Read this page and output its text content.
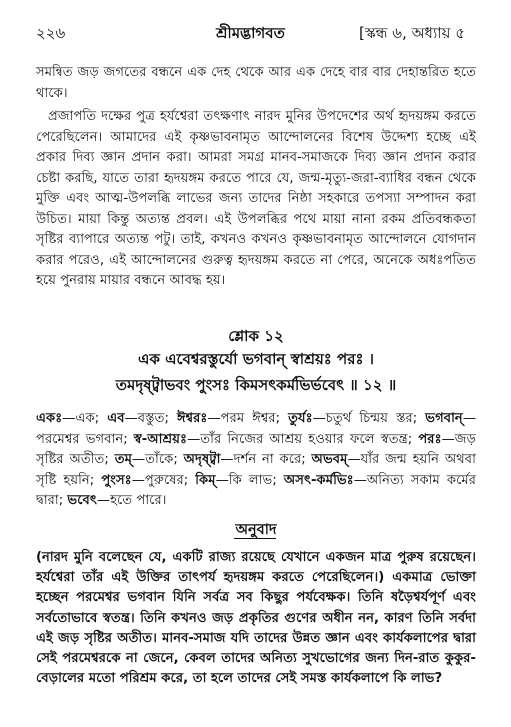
২২৬	শ্রীমদ্ভাগবত	[স্কন্ধ ৬, অধ্যায় ৫
সমন্বিত জড় জগতের বন্ধনে এক দেহ থেকে আর এক দেহে বার বার দেহান্তরিত হতে থাকে।
প্রজাপতি দক্ষের পুত্র হর্যশ্বেরা তৎক্ষণাৎ নারদ মুনির উপদেশের অর্থ হৃদয়ঙ্গম করতে পেরেছিলেন। আমাদের এই কৃষ্ণভাবনামৃত আন্দোলনের বিশেষ উদ্দেশ্য হচ্ছে এই প্রকার দিব্য জ্ঞান প্রদান করা। আমরা সমগ্র মানব-সমাজকে দিব্য জ্ঞান প্রদান করার চেষ্টা করছি, যাতে তারা হৃদয়ঙ্গম করতে পারে যে, জন্ম-মৃত্যু-জরা-ব্যাধির বন্ধন থেকে মুক্তি এবং আত্ম-উপলব্ধি লাভের জন্য তাদের নিষ্ঠা সহকারে তপস্যা সম্পাদন করা উচিত। মায়া কিন্তু অত্যন্ত প্রবল। এই উপলব্ধির পথে মায়া নানা রকম প্রতিবন্ধকতা সৃষ্টির ব্যাপারে অত্যন্ত পটু। তাই, কখনও কখনও কৃষ্ণভাবনামৃত আন্দোলনে যোগদান করার পরেও, এই আন্দোলনের গুরুত্ব হৃদয়ঙ্গম করতে না পেরে, অনেকে অধঃপতিত হয়ে পুনরায় মায়ার বন্ধনে আবদ্ধ হয়।
শ্লোক ১২
এক এবেশ্বরস্তুর্যো ভগবান্ স্বাশ্রয়ঃ পরঃ ।
তমদৃষ্ট্বাভবং পুংসঃ কিমসৎকর্মভির্ভবেৎ ॥ ১২ ॥
একঃ—এক; এব—বস্তুত; ঈশ্বরঃ—পরম ঈশ্বর; তুর্যঃ—চতুর্থ চিন্ময় স্তর; ভগবান্—পরমেশ্বর ভগবান; স্ব-আশ্রয়ঃ—তাঁর নিজের আশ্রয় হওয়ার ফলে স্বতন্ত্র; পরঃ—জড় সৃষ্টির অতীত; তম্—তাঁকে; অদৃষ্ট্বা—দর্শন না করে; অভবম্—যাঁর জন্ম হয়নি অথবা সৃষ্টি হয়নি; পুংসঃ—পুরুষের; কিম্—কি লাভ; অসৎ-কর্মভিঃ—অনিত্য সকাম কর্মের দ্বারা; ভবেৎ—হতে পারে।
অনুবাদ
(নারদ মুনি বলেছেন যে, একটি রাজ্য রয়েছে যেখানে একজন মাত্র পুরুষ রয়েছেন। হর্যশ্বেরা তাঁর এই উক্তির তাৎপর্য হৃদয়ঙ্গম করতে পেরেছিলেন।) একমাত্র ভোক্তা হচ্ছেন পরমেশ্বর ভগবান যিনি সর্বত্র সব কিছুর পর্যবেক্ষক। তিনি ষড়ৈশ্বর্যপূর্ণ এবং সর্বতোভাবে স্বতন্ত্র। তিনি কখনও জড় প্রকৃতির গুণের অধীন নন, কারণ তিনি সর্বদা এই জড় সৃষ্টির অতীত। মানব-সমাজ যদি তাদের উন্নত জ্ঞান এবং কার্যকলাপের দ্বারা সেই পরমেশ্বরকে না জেনে, কেবল তাদের অনিত্য সুখভোগের জন্য দিন-রাত কুকুর-বেড়ালের মতো পরিশ্রম করে, তা হলে তাদের সেই সমস্ত কার্যকলাপে কি লাভ?
